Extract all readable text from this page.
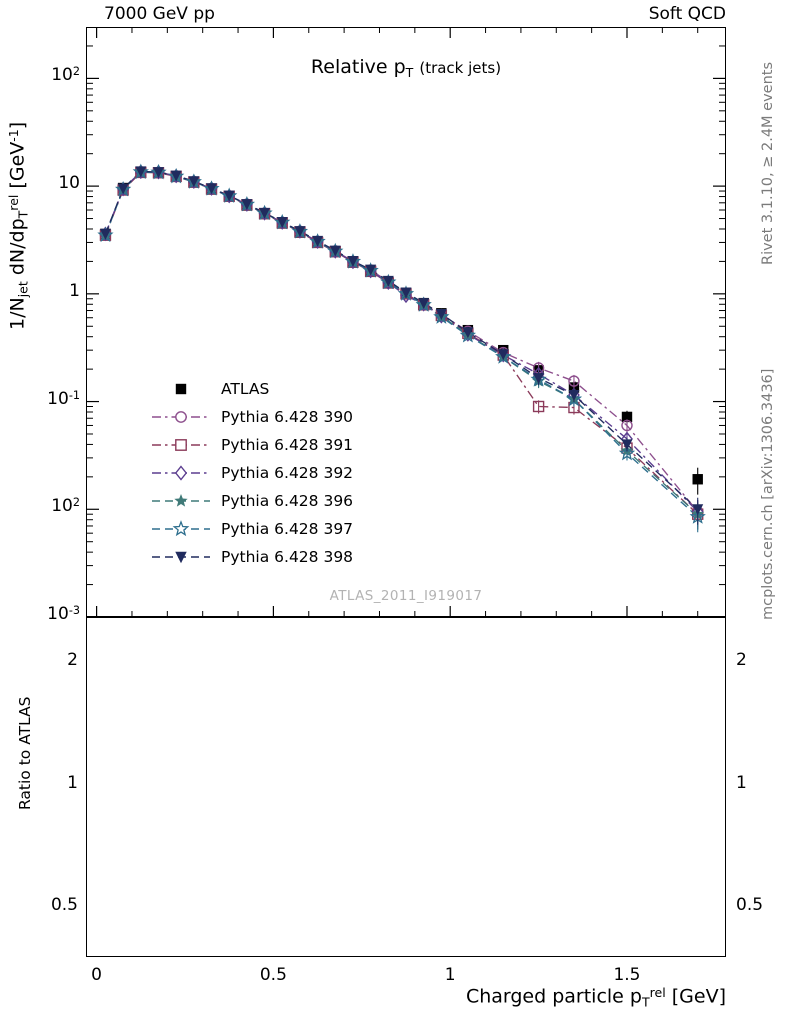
7000 GeV pp	Soft QCD
Relative $p_T$ (track jets)
ATLAS_2011_I919017
$1/N_{jet}$ $dN/dp_T^{rel}$ [GeV$^{-1}$]
Ratio to ATLAS
Charged particle $p_T^{rel}$ [GeV]
Rivet 3.1.10, ≥ 2.4M events
mcplots.cern.ch [arXiv:1306.3436]
ATLAS
Pythia 6.428 390
Pythia 6.428 391
Pythia 6.428 392
Pythia 6.428 396
Pythia 6.428 397
Pythia 6.428 398
0	0.5	1	1.5
$10^2$
10
1
$10^{-1}$
$10^2$
$10^{-3}$
2	2
1	1
0.5	0.5
